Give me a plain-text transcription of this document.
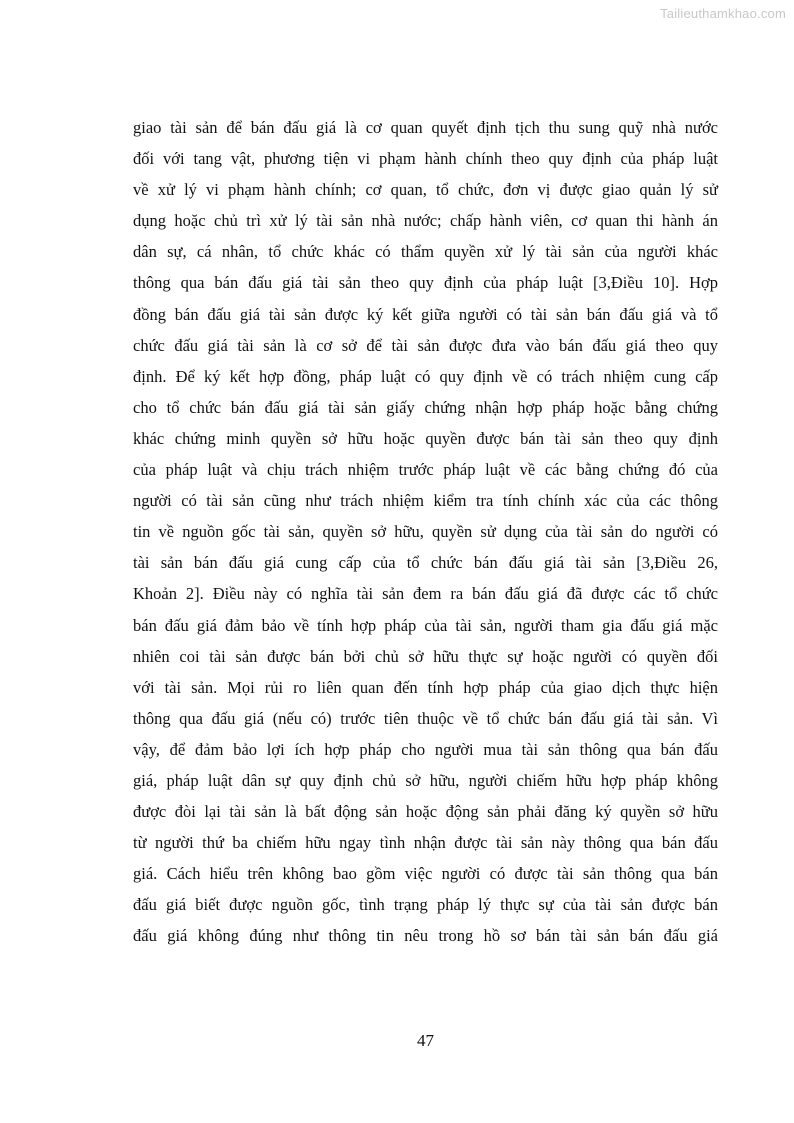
Tailieuthamkhao.com
giao tài sản để bán đấu giá là cơ quan quyết định tịch thu sung quỹ nhà nước
đối với tang vật, phương tiện vi phạm hành chính theo quy định của pháp luật
về xử lý vi phạm hành chính; cơ quan, tổ chức, đơn vị được giao quản lý sử
dụng hoặc chủ trì xử lý tài sản nhà nước; chấp hành viên, cơ quan thi hành án
dân sự, cá nhân, tổ chức khác có thẩm quyền xử lý tài sản của người khác
thông qua bán đấu giá tài sản theo quy định của pháp luật [3,Điều 10]. Hợp
đồng bán đấu giá tài sản được ký kết giữa người có tài sản bán đấu giá và tổ
chức đấu giá tài sản là cơ sở để tài sản được đưa vào bán đấu giá theo quy
định. Để ký kết hợp đồng, pháp luật có quy định về có trách nhiệm cung cấp
cho tổ chức bán đấu giá tài sản giấy chứng nhận hợp pháp hoặc bằng chứng
khác chứng minh quyền sở hữu hoặc quyền được bán tài sản theo quy định
của pháp luật và chịu trách nhiệm trước pháp luật về các bằng chứng đó của
người có tài sản cũng như trách nhiệm kiểm tra tính chính xác của các thông
tin về nguồn gốc tài sản, quyền sở hữu, quyền sử dụng của tài sản do người có
tài sản bán đấu giá cung cấp của tổ chức bán đấu giá tài sản [3,Điều 26,
Khoản 2]. Điều này có nghĩa tài sản đem ra bán đấu giá đã được các tổ chức
bán đấu giá đảm bảo về tính hợp pháp của tài sản, người tham gia đấu giá mặc
nhiên coi tài sản được bán bởi chủ sở hữu thực sự hoặc người có quyền đối
với tài sản. Mọi rủi ro liên quan đến tính hợp pháp của giao dịch thực hiện
thông qua đấu giá (nếu có) trước tiên thuộc về tổ chức bán đấu giá tài sản. Vì
vậy, để đảm bảo lợi ích hợp pháp cho người mua tài sản thông qua bán đấu
giá, pháp luật dân sự quy định chủ sở hữu, người chiếm hữu hợp pháp không
được đòi lại tài sản là bất động sản hoặc động sản phải đăng ký quyền sở hữu
từ người thứ ba chiếm hữu ngay tình nhận được tài sản này thông qua bán đấu
giá. Cách hiểu trên không bao gồm việc người có được tài sản thông qua bán
đấu giá biết được nguồn gốc, tình trạng pháp lý thực sự của tài sản được bán
đấu giá không đúng như thông tin nêu trong hồ sơ bán tài sản bán đấu giá
47
